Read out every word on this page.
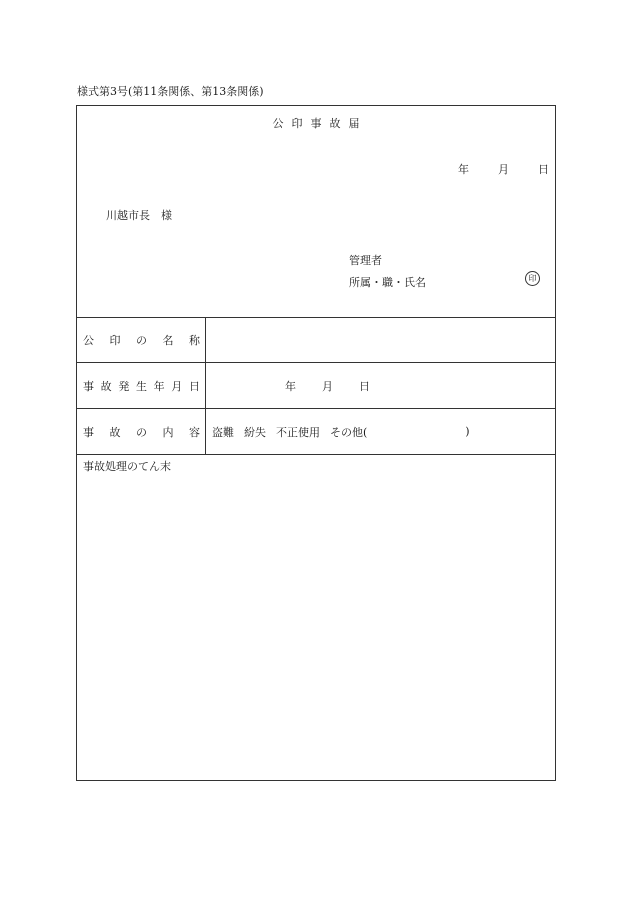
様式第3号(第11条関係、第13条関係)
公印事故届
年	月	日
川越市長　様
管理者
所属・職・氏名	印
公 印 の 名 称
事 故 発 生 年 月 日	年 月 日
事 故 の 内 容 盗難 紛失 不正使用 その他(	)
事故処理のてん末
